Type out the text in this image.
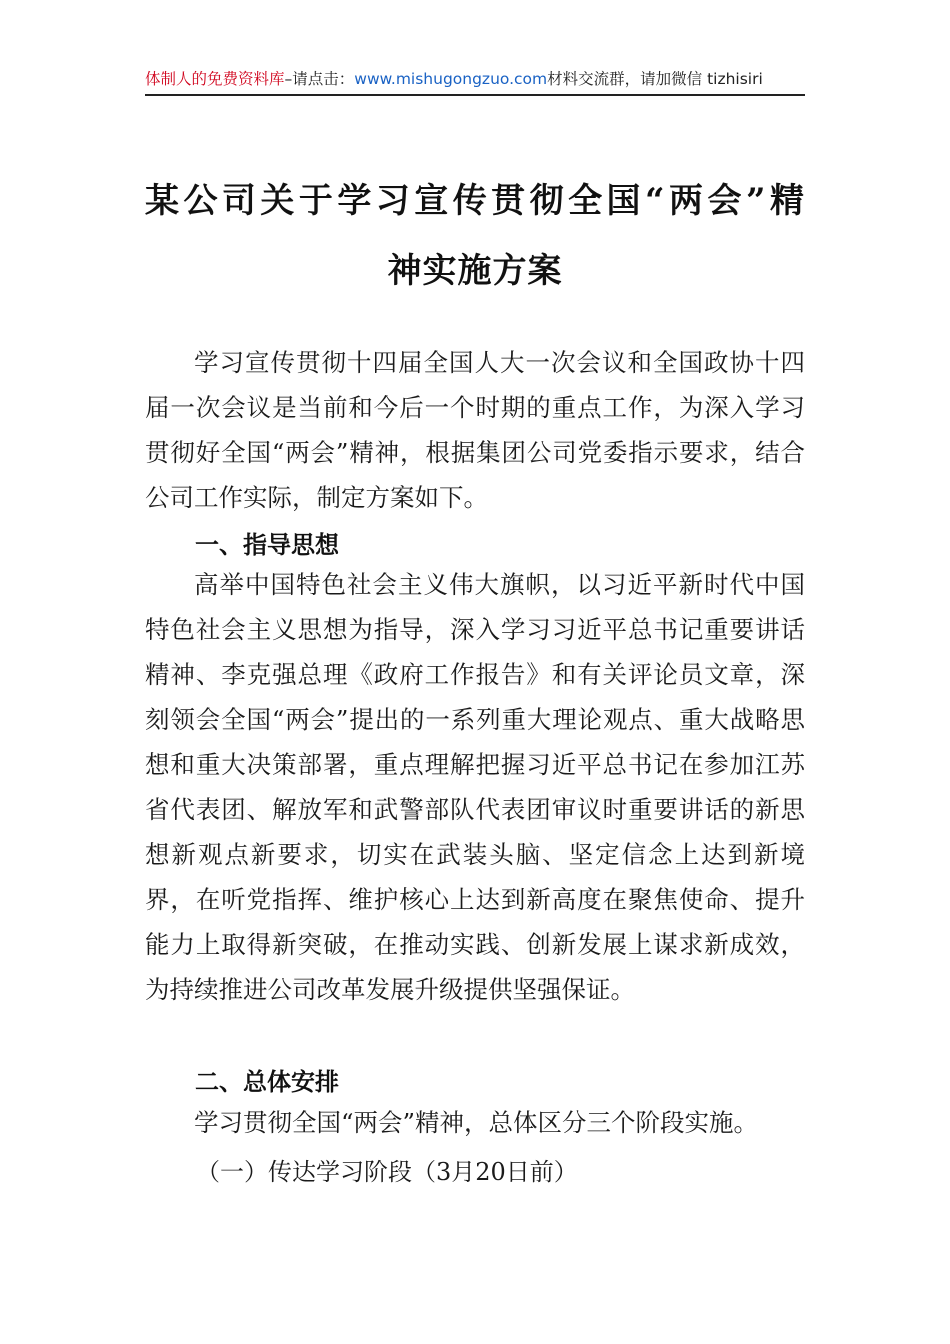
体制人的免费资料库–请点击：www.mishugongzuo.com材料交流群，请加微信 tizhisiri
某公司关于学习宣传贯彻全国“两会”精
神实施方案

学习宣传贯彻十四届全国人大一次会议和全国政协十四届一次会议是当前和今后一个时期的重点工作，为深入学习贯彻好全国“两会”精神，根据集团公司党委指示要求，结合公司工作实际，制定方案如下。

一、指导思想

高举中国特色社会主义伟大旗帜，以习近平新时代中国特色社会主义思想为指导，深入学习习近平总书记重要讲话精神、李克强总理《政府工作报告》和有关评论员文章，深刻领会全国“两会”提出的一系列重大理论观点、重大战略思想和重大决策部署，重点理解把握习近平总书记在参加江苏省代表团、解放军和武警部队代表团审议时重要讲话的新思想新观点新要求，切实在武装头脑、坚定信念上达到新境界，在听党指挥、维护核心上达到新高度在聚焦使命、提升能力上取得新突破，在推动实践、创新发展上谋求新成效，为持续推进公司改革发展升级提供坚强保证。

二、总体安排

学习贯彻全国“两会”精神，总体区分三个阶段实施。

（一）传达学习阶段（3月20日前）
